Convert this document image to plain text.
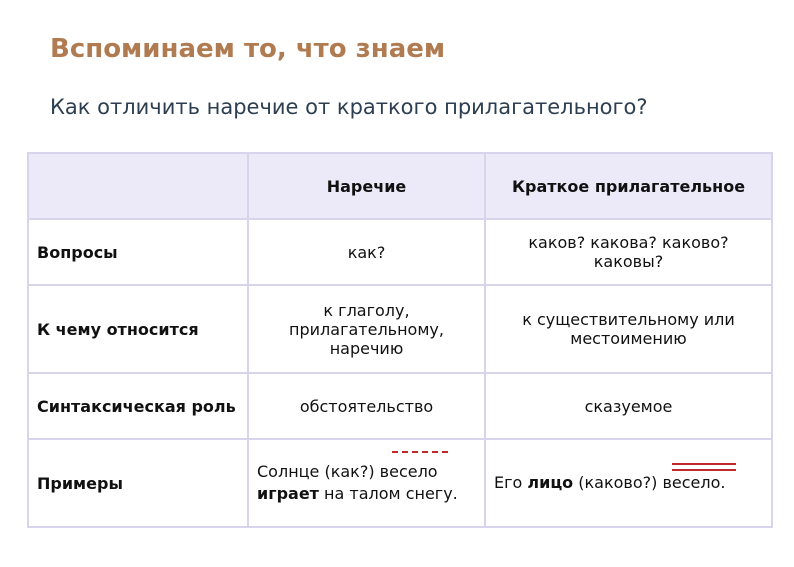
Вспоминаем то, что знаем
Как отличить наречие от краткого прилагательного?
	Наречие	Краткое прилагательное
Вопросы	как?	каков? какова? каково? каковы?
К чему относится	к глаголу, прилагательному, наречию	к существительному или местоимению
Синтаксическая роль	обстоятельство	сказуемое
Примеры	Солнце (как?) весело играет на талом снегу.	Его лицо (каково?) весело.
